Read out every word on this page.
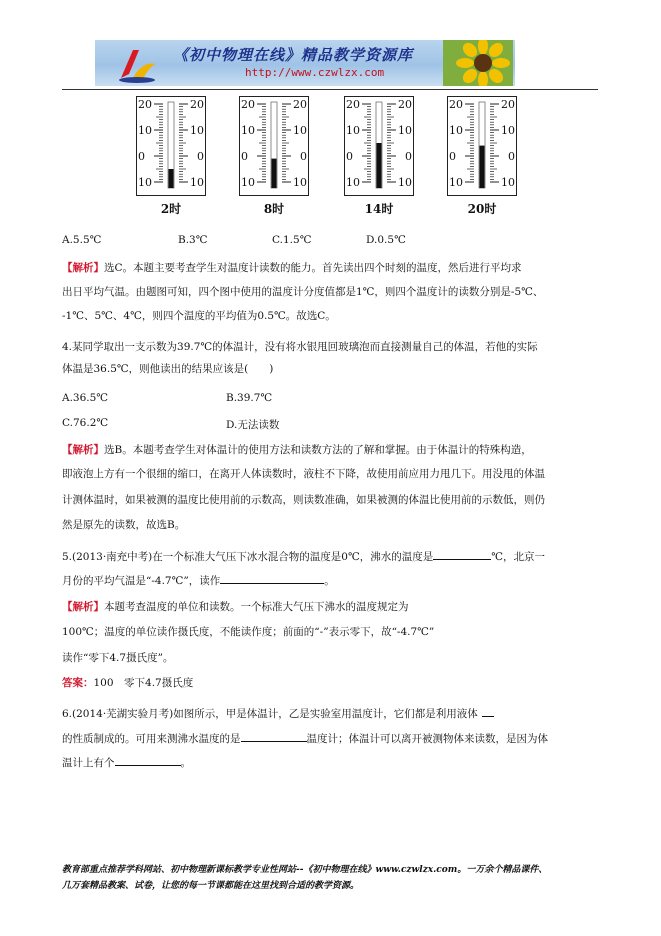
《初中物理在线》精品教学资源库
http://www.czwlzx.com
20	20
10	10
0	0
10	10
2时
20	20
10	10
0	0
10	10
8时
20	20
10	10
0	0
10	10
14时
20	20
10	10
0	0
10	10
20时
A.5.5℃	B.3℃	C.1.5℃	D.0.5℃
【解析】选C。本题主要考查学生对温度计读数的能力。首先读出四个时刻的温度，然后进行平均求
出日平均气温。由题图可知，四个图中使用的温度计分度值都是1℃，则四个温度计的读数分别是-5℃、
-1℃、5℃、4℃，则四个温度的平均值为0.5℃。故选C。
4.某同学取出一支示数为39.7℃的体温计，没有将水银甩回玻璃泡而直接测量自己的体温，若他的实际
体温是36.5℃，则他读出的结果应该是(　　)
A.36.5℃	B.39.7℃
C.76.2℃	D.无法读数
【解析】选B。本题考查学生对体温计的使用方法和读数方法的了解和掌握。由于体温计的特殊构造，
即液泡上方有一个很细的缩口，在离开人体读数时，液柱不下降，故使用前应用力甩几下。用没甩的体温
计测体温时，如果被测的温度比使用前的示数高，则读数准确，如果被测的体温比使用前的示数低，则仍
然是原先的读数，故选B。
5.(2013·南充中考)在一个标准大气压下冰水混合物的温度是0℃，沸水的温度是	℃，北京一
月份的平均气温是“-4.7℃”，读作	。
【解析】本题考查温度的单位和读数。一个标准大气压下沸水的温度规定为
100℃；温度的单位读作摄氏度，不能读作度；前面的“-”表示零下，故“-4.7℃”
读作“零下4.7摄氏度”。
答案：100　零下4.7摄氏度
6.(2014·芜湖实验月考)如图所示，甲是体温计，乙是实验室用温度计，它们都是利用液体
的性质制成的。可用来测沸水温度的是	温度计；体温计可以离开被测物体来读数，是因为体
温计上有个	。
教育部重点推荐学科网站、初中物理新课标教学专业性网站--《初中物理在线》www.czwlzx.com。一万余个精品课件、
几万套精品教案、试卷，让您的每一节课都能在这里找到合适的教学资源。
